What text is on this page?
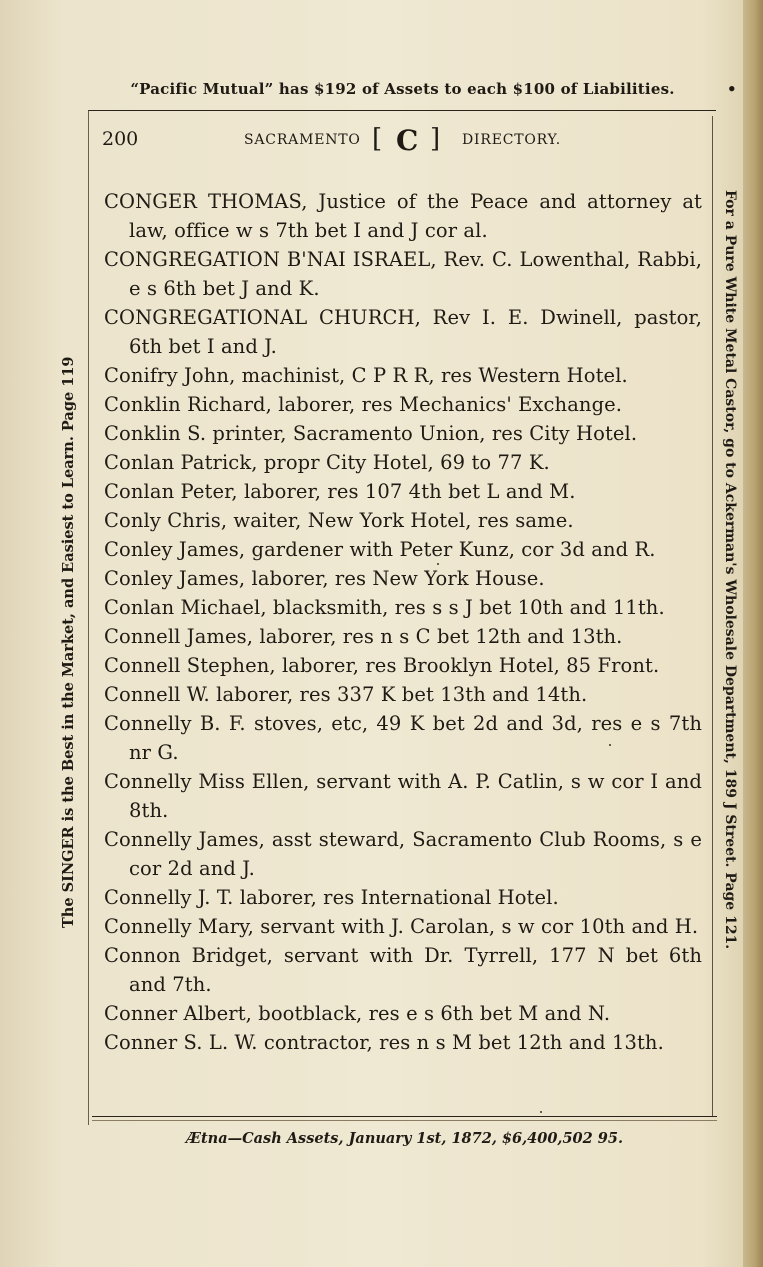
“Pacific Mutual” has $192 of Assets to each $100 of Liabilities.	•
200	SACRAMENTO [ C ] DIRECTORY.
CONGER THOMAS, Justice of the Peace and attorney at law, office w s 7th bet I and J cor al.
CONGREGATION B'NAI ISRAEL, Rev. C. Lowenthal, Rabbi, e s 6th bet J and K.
CONGREGATIONAL CHURCH, Rev I. E. Dwinell, pastor, 6th bet I and J.
Conifry John, machinist, C P R R, res Western Hotel.
Conklin Richard, laborer, res Mechanics' Exchange.
Conklin S. printer, Sacramento Union, res City Hotel.
Conlan Patrick, propr City Hotel, 69 to 77 K.
Conlan Peter, laborer, res 107 4th bet L and M.
Conly Chris, waiter, New York Hotel, res same.
Conley James, gardener with Peter Kunz, cor 3d and R.
Conley James, laborer, res New York House.
Conlan Michael, blacksmith, res s s J bet 10th and 11th.
Connell James, laborer, res n s C bet 12th and 13th.
Connell Stephen, laborer, res Brooklyn Hotel, 85 Front.
Connell W. laborer, res 337 K bet 13th and 14th.
Connelly B. F. stoves, etc, 49 K bet 2d and 3d, res e s 7th nr G.
Connelly Miss Ellen, servant with A. P. Catlin, s w cor I and 8th.
Connelly James, asst steward, Sacramento Club Rooms, s e cor 2d and J.
Connelly J. T. laborer, res International Hotel.
Connelly Mary, servant with J. Carolan, s w cor 10th and H.
Connon Bridget, servant with Dr. Tyrrell, 177 N bet 6th and 7th.
Conner Albert, bootblack, res e s 6th bet M and N.
Conner S. L. W. contractor, res n s M bet 12th and 13th.
Ætna—Cash Assets, January 1st, 1872, $6,400,502 95.
The SINGER is the Best in the Market, and Easiest to Learn. Page 119	For a Pure White Metal Castor, go to Ackerman's Wholesale Department, 189 J Street. Page 121.
